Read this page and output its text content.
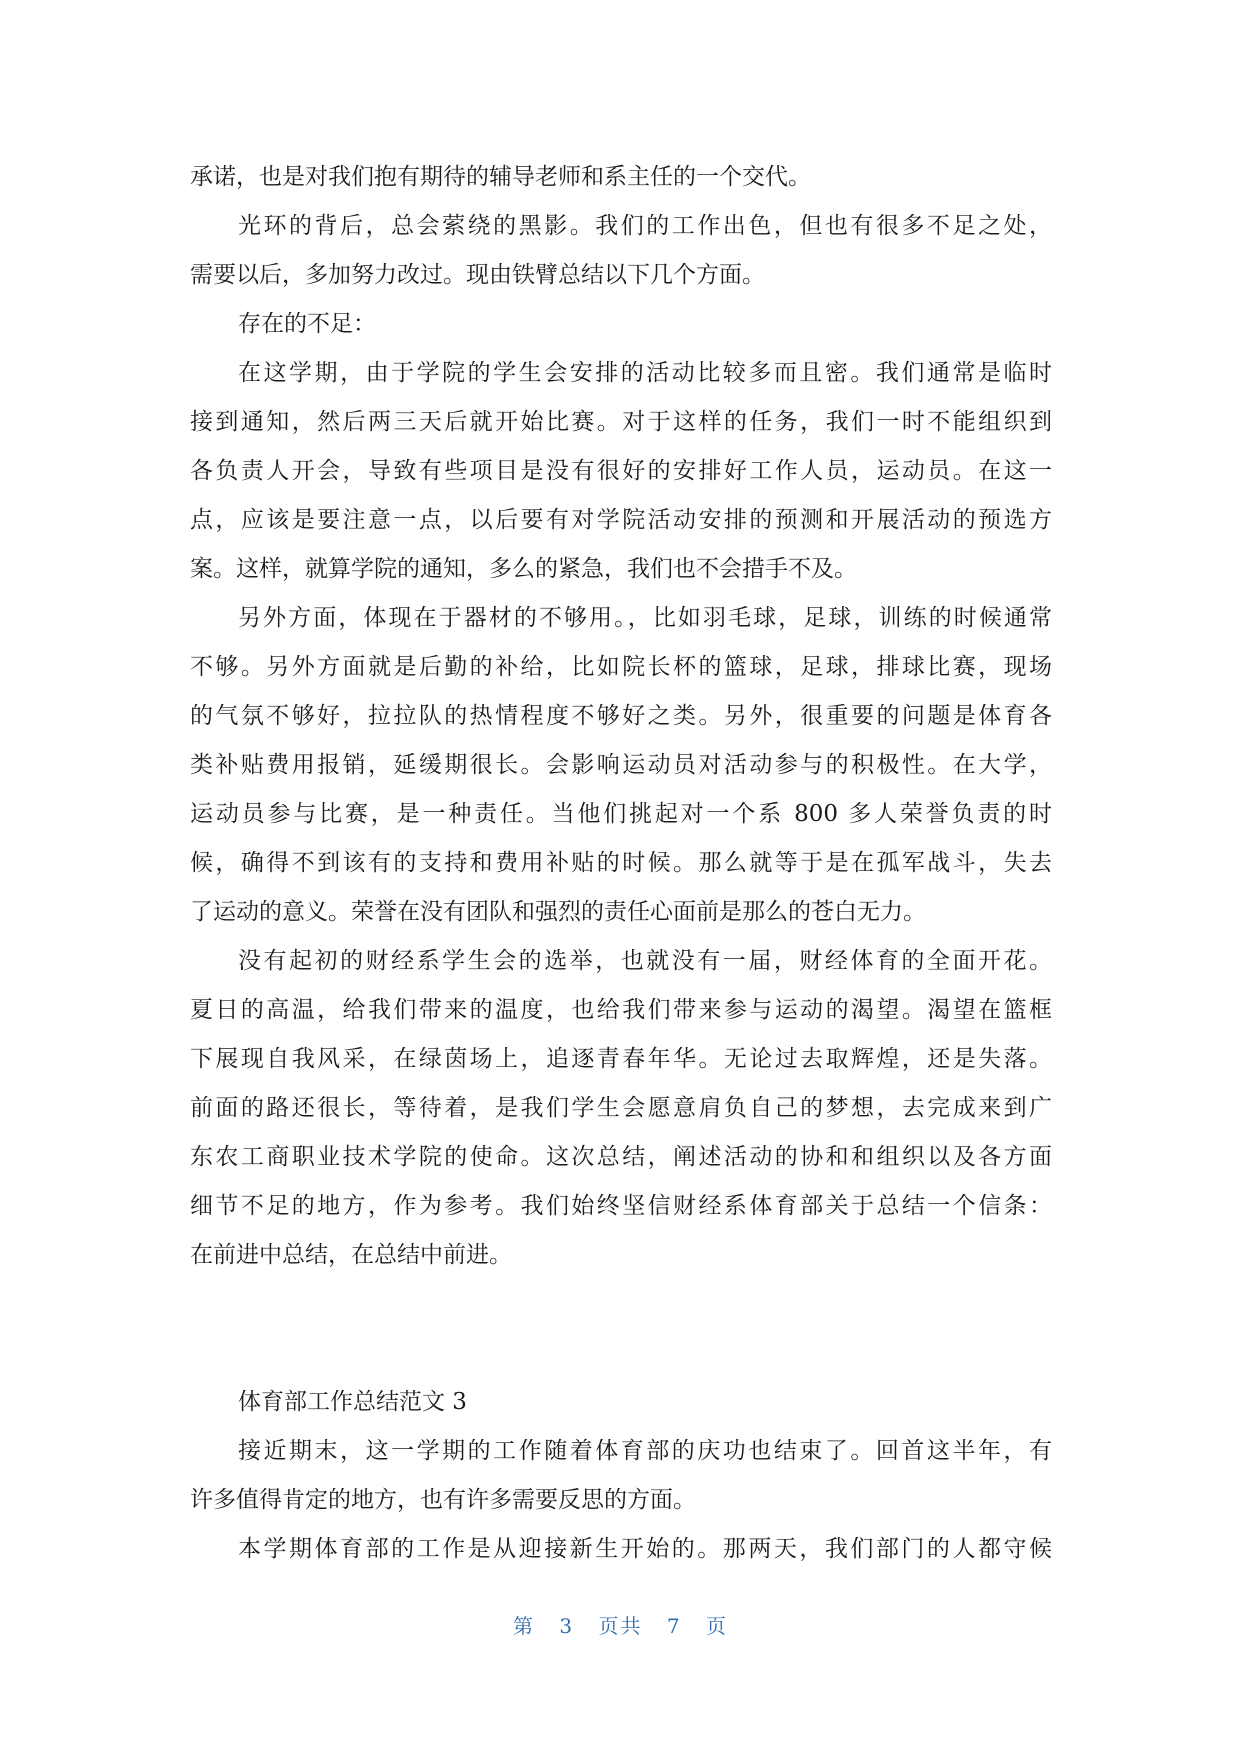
承诺，也是对我们抱有期待的辅导老师和系主任的一个交代。
光环的背后，总会萦绕的黑影。我们的工作出色，但也有很多不足之处，
需要以后，多加努力改过。现由铁臂总结以下几个方面。
存在的不足：
在这学期，由于学院的学生会安排的活动比较多而且密。我们通常是临时
接到通知，然后两三天后就开始比赛。对于这样的任务，我们一时不能组织到
各负责人开会，导致有些项目是没有很好的安排好工作人员，运动员。在这一
点，应该是要注意一点，以后要有对学院活动安排的预测和开展活动的预选方
案。这样，就算学院的通知，多么的紧急，我们也不会措手不及。
另外方面，体现在于器材的不够用。，比如羽毛球，足球，训练的时候通常
不够。另外方面就是后勤的补给，比如院长杯的篮球，足球，排球比赛，现场
的气氛不够好，拉拉队的热情程度不够好之类。另外，很重要的问题是体育各
类补贴费用报销，延缓期很长。会影响运动员对活动参与的积极性。在大学，
运动员参与比赛，是一种责任。当他们挑起对一个系 800 多人荣誉负责的时
候，确得不到该有的支持和费用补贴的时候。那么就等于是在孤军战斗，失去
了运动的意义。荣誉在没有团队和强烈的责任心面前是那么的苍白无力。
没有起初的财经系学生会的选举，也就没有一届，财经体育的全面开花。
夏日的高温，给我们带来的温度，也给我们带来参与运动的渴望。渴望在篮框
下展现自我风采，在绿茵场上，追逐青春年华。无论过去取辉煌，还是失落。
前面的路还很长，等待着，是我们学生会愿意肩负自己的梦想，去完成来到广
东农工商职业技术学院的使命。这次总结，阐述活动的协和和组织以及各方面
细节不足的地方，作为参考。我们始终坚信财经系体育部关于总结一个信条：
在前进中总结，在总结中前进。
体育部工作总结范文 3
接近期末，这一学期的工作随着体育部的庆功也结束了。回首这半年，有
许多值得肯定的地方，也有许多需要反思的方面。
本学期体育部的工作是从迎接新生开始的。那两天，我们部门的人都守候
第 3 页共 7 页
